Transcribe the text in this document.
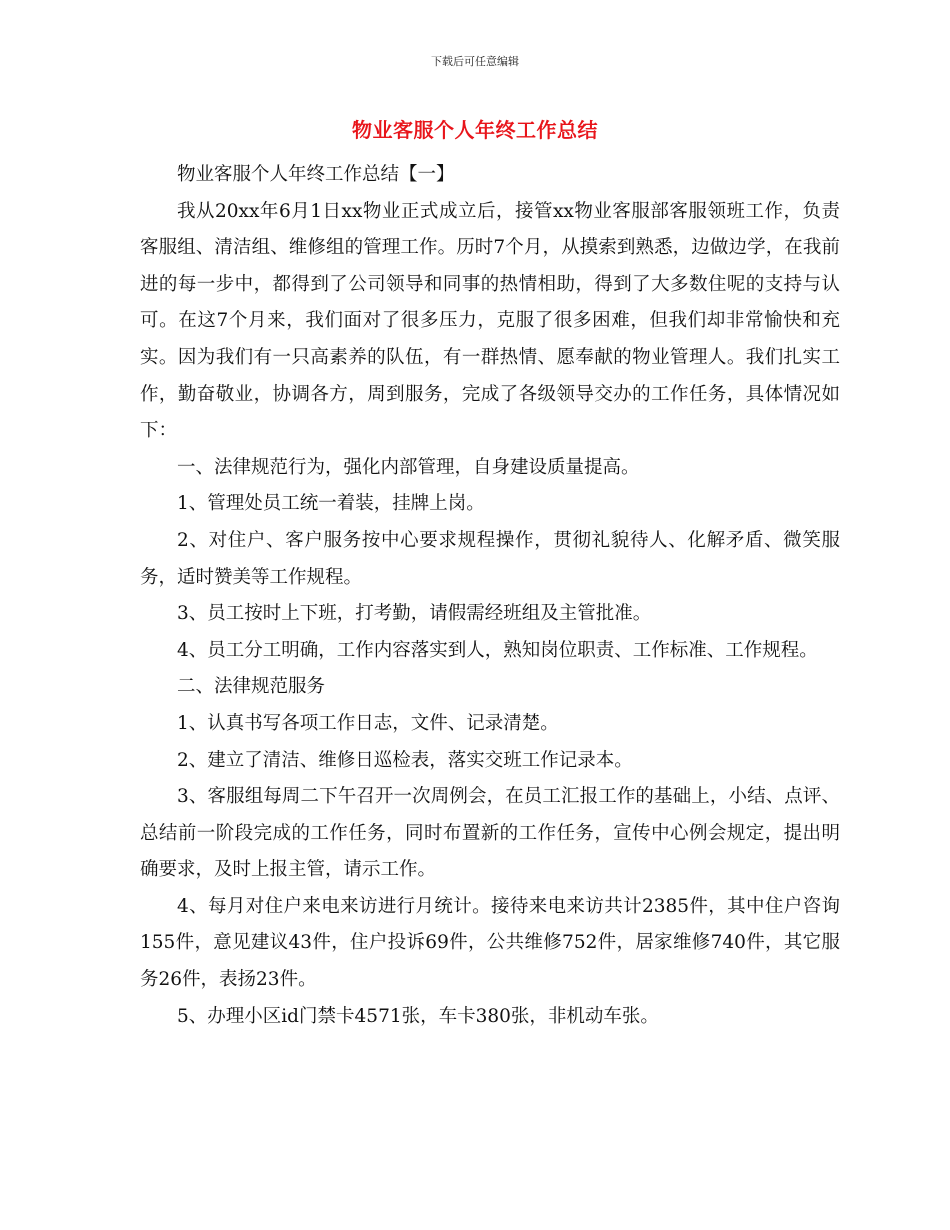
下载后可任意编辑
物业客服个人年终工作总结

物业客服个人年终工作总结【一】

我从20xx年6月1日xx物业正式成立后，接管xx物业客服部客服领班工作，负责客服组、清洁组、维修组的管理工作。历时7个月，从摸索到熟悉，边做边学，在我前进的每一步中，都得到了公司领导和同事的热情相助，得到了大多数住呢的支持与认可。在这7个月来，我们面对了很多压力，克服了很多困难，但我们却非常愉快和充实。因为我们有一只高素养的队伍，有一群热情、愿奉献的物业管理人。我们扎实工作，勤奋敬业，协调各方，周到服务，完成了各级领导交办的工作任务，具体情况如下：

一、法律规范行为，强化内部管理，自身建设质量提高。

1、管理处员工统一着装，挂牌上岗。

2、对住户、客户服务按中心要求规程操作，贯彻礼貌待人、化解矛盾、微笑服务，适时赞美等工作规程。

3、员工按时上下班，打考勤，请假需经班组及主管批准。

4、员工分工明确，工作内容落实到人，熟知岗位职责、工作标准、工作规程。

二、法律规范服务

1、认真书写各项工作日志，文件、记录清楚。

2、建立了清洁、维修日巡检表，落实交班工作记录本。

3、客服组每周二下午召开一次周例会，在员工汇报工作的基础上，小结、点评、总结前一阶段完成的工作任务，同时布置新的工作任务，宣传中心例会规定，提出明确要求，及时上报主管，请示工作。

4、每月对住户来电来访进行月统计。接待来电来访共计2385件，其中住户咨询155件，意见建议43件，住户投诉69件，公共维修752件，居家维修740件，其它服务26件，表扬23件。

5、办理小区id门禁卡4571张，车卡380张，非机动车张。
